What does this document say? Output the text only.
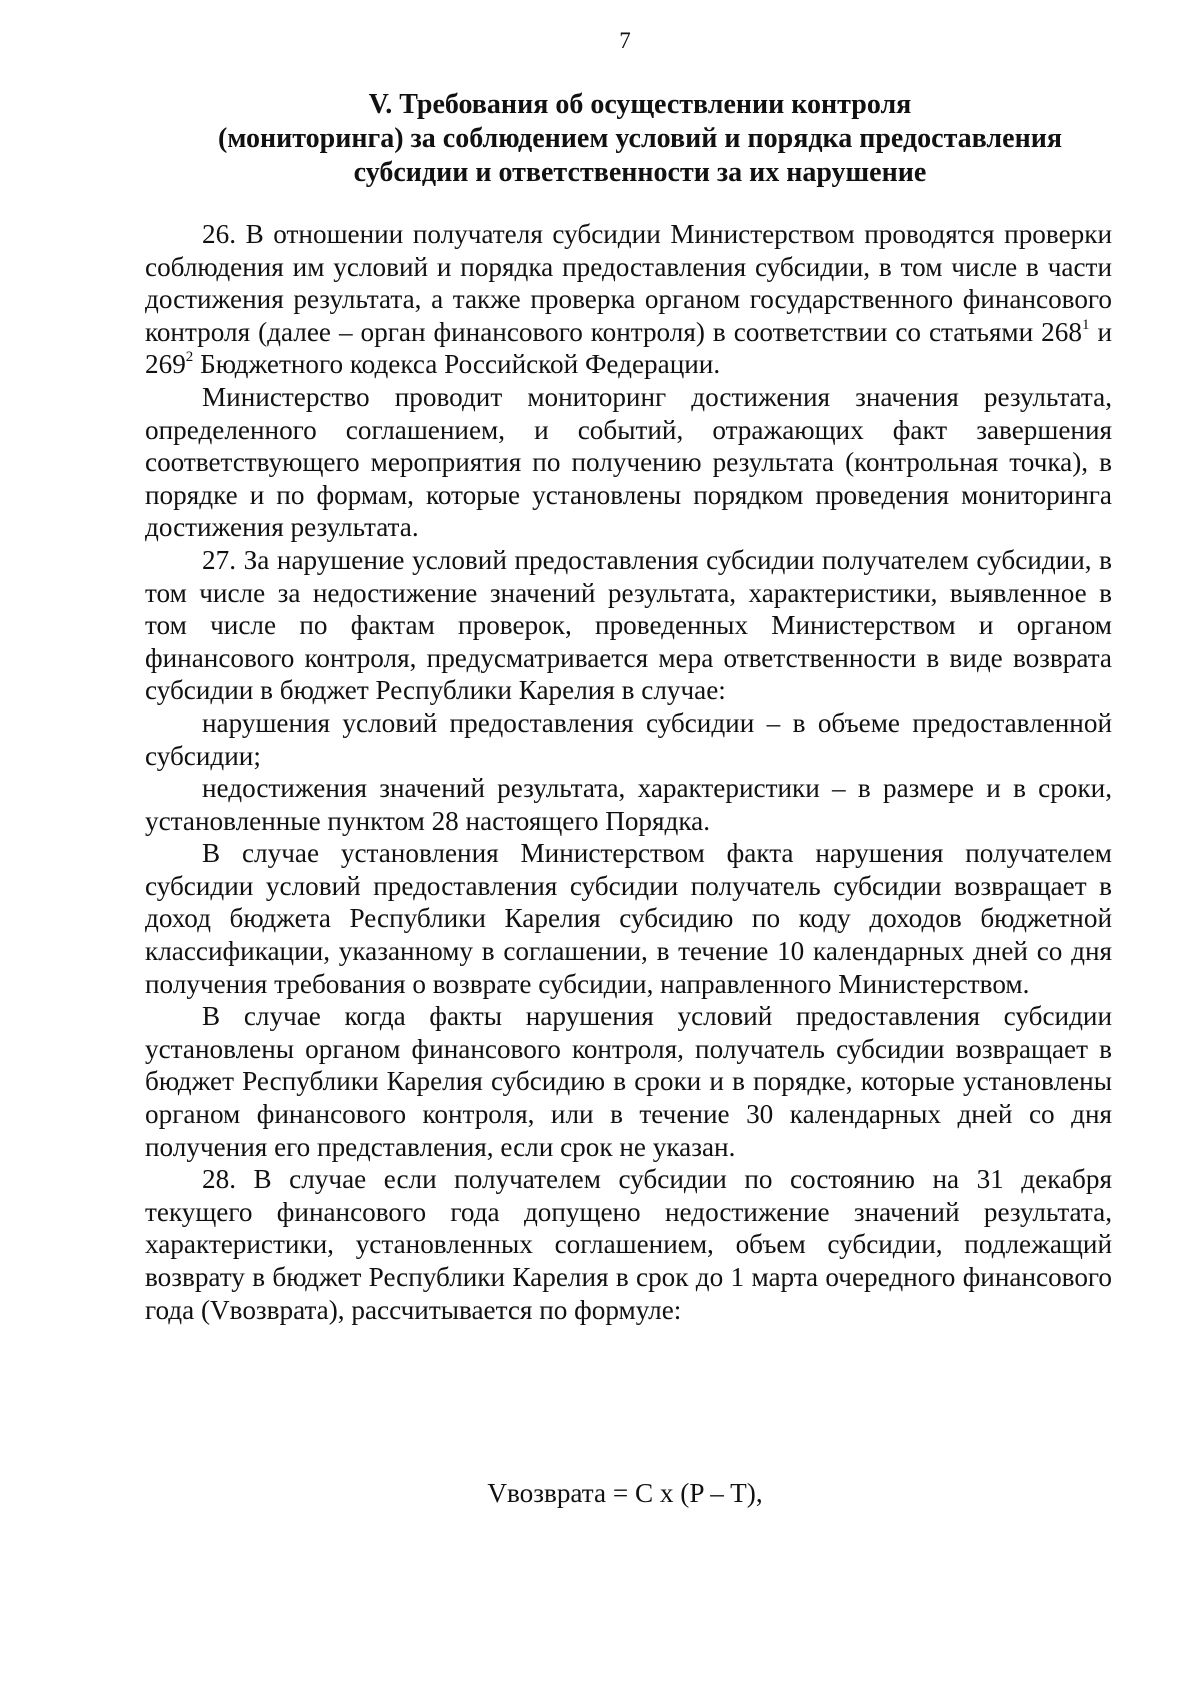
7
V. Требования об осуществлении контроля
(мониторинга) за соблюдением условий и порядка предоставления
субсидии и ответственности за их нарушение

26. В отношении получателя субсидии Министерством проводятся проверки соблюдения им условий и порядка предоставления субсидии, в том числе в части достижения результата, а также проверка органом государственного финансового контроля (далее – орган финансового контроля) в соответствии со статьями $268^1$ и $269^2$ Бюджетного кодекса Российской Федерации.

Министерство проводит мониторинг достижения значения результата, определенного соглашением, и событий, отражающих факт завершения соответствующего мероприятия по получению результата (контрольная точка), в порядке и по формам, которые установлены порядком проведения мониторинга достижения результата.

27. За нарушение условий предоставления субсидии получателем субсидии, в том числе за недостижение значений результата, характеристики, выявленное в том числе по фактам проверок, проведенных Министерством и органом финансового контроля, предусматривается мера ответственности в виде возврата субсидии в бюджет Республики Карелия в случае:

нарушения условий предоставления субсидии – в объеме предоставленной субсидии;

недостижения значений результата, характеристики – в размере и в сроки, установленные пунктом 28 настоящего Порядка.

В случае установления Министерством факта нарушения получателем субсидии условий предоставления субсидии получатель субсидии возвращает в доход бюджета Республики Карелия субсидию по коду доходов бюджетной классификации, указанному в соглашении, в течение 10 календарных дней со дня получения требования о возврате субсидии, направленного Министерством.

В случае когда факты нарушения условий предоставления субсидии установлены органом финансового контроля, получатель субсидии возвращает в бюджет Республики Карелия субсидию в сроки и в порядке, которые установлены органом финансового контроля, или в течение 30 календарных дней со дня получения его представления, если срок не указан.

28. В случае если получателем субсидии по состоянию на 31 декабря текущего финансового года допущено недостижение значений результата, характеристики, установленных соглашением, объем субсидии, подлежащий возврату в бюджет Республики Карелия в срок до 1 марта очередного финансового года (Vвозврата), рассчитывается по формуле:

Vвозврата = C x (P – T),
